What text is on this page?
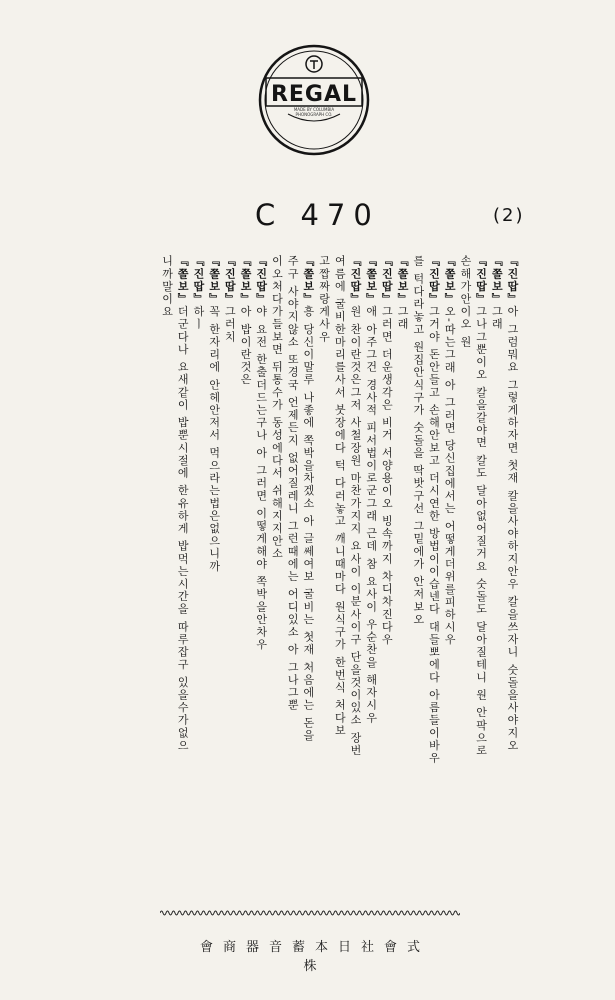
REGAL
MADE BY COLUMBIA PHONOGRAPH CO.
C 470	(2)
『진땁』아 그럼뭐요 그렇게하자면 첫재 칼을사야하지안우 칼을쓰자니 숫돌을사야지오
『쫄보』그래
『진땁』그나그뿐이오 칼을갈야면 칼도 달아없어질거요 숫돌도 달아질테니 원 안팍으로
손해가안이오 원
『쫄보』오-따는그래 아 그러면 당신집에서는 어떻게더위를피하시우
『진땁』그거야 돈안들고 손해안보고 더시연한 방법이이습넨다 대들뽀에다 아름들이바우
를 턱다라놓고 원집안식구가 숫돌을 딱밧구선 그밑에가 안저보오
『쫄보』그래
『진땁』그러면 더운생각은 비거 서양용이오 빙속까지 차디차진다우
『쫄보』애 아주그건 경사적 피서법이로군그래 근데 참 요사이 우순찬을 해자시우
『진땁』원 찬이란것은그저 사철장원 마찬가지지 요사이 이분사이구 단을것이있소 장번
여름에 굴비한마리를사서 붓장에다 턱 다러놓고 깨니때마다 원식구가 한번식 처다보
고짭짜랑게사우
『쫄보』흥 당신이말루 나좋에 쪽박을차겠소 아 글쎄여보 굴비는 첫재 처음에는 돈을
주구 사야지않소 또경국 언제든지 없어질레니 그런때에는 어디있소 아 그나그뿐
이오처다가들보면 뒤통수가 동성에다서 쉬해지지안소
『진땁』야 요전 한출더드는구나 아 그러면 이떻게해야 쪽박을안차우
『쫄보』아 밥이란것은
『진땁』그러치
『쫄보』꼭 한자리에 안헤안저서 먹으라는법은없으니까
『진땁』하ㅣ
『쫄보』더군다나 요새같이 밥뿐시절에 한유하게 밥먹는시간을 따루잡구 있을수가없으
니까말이요
會商器音蓄本日社會式株
